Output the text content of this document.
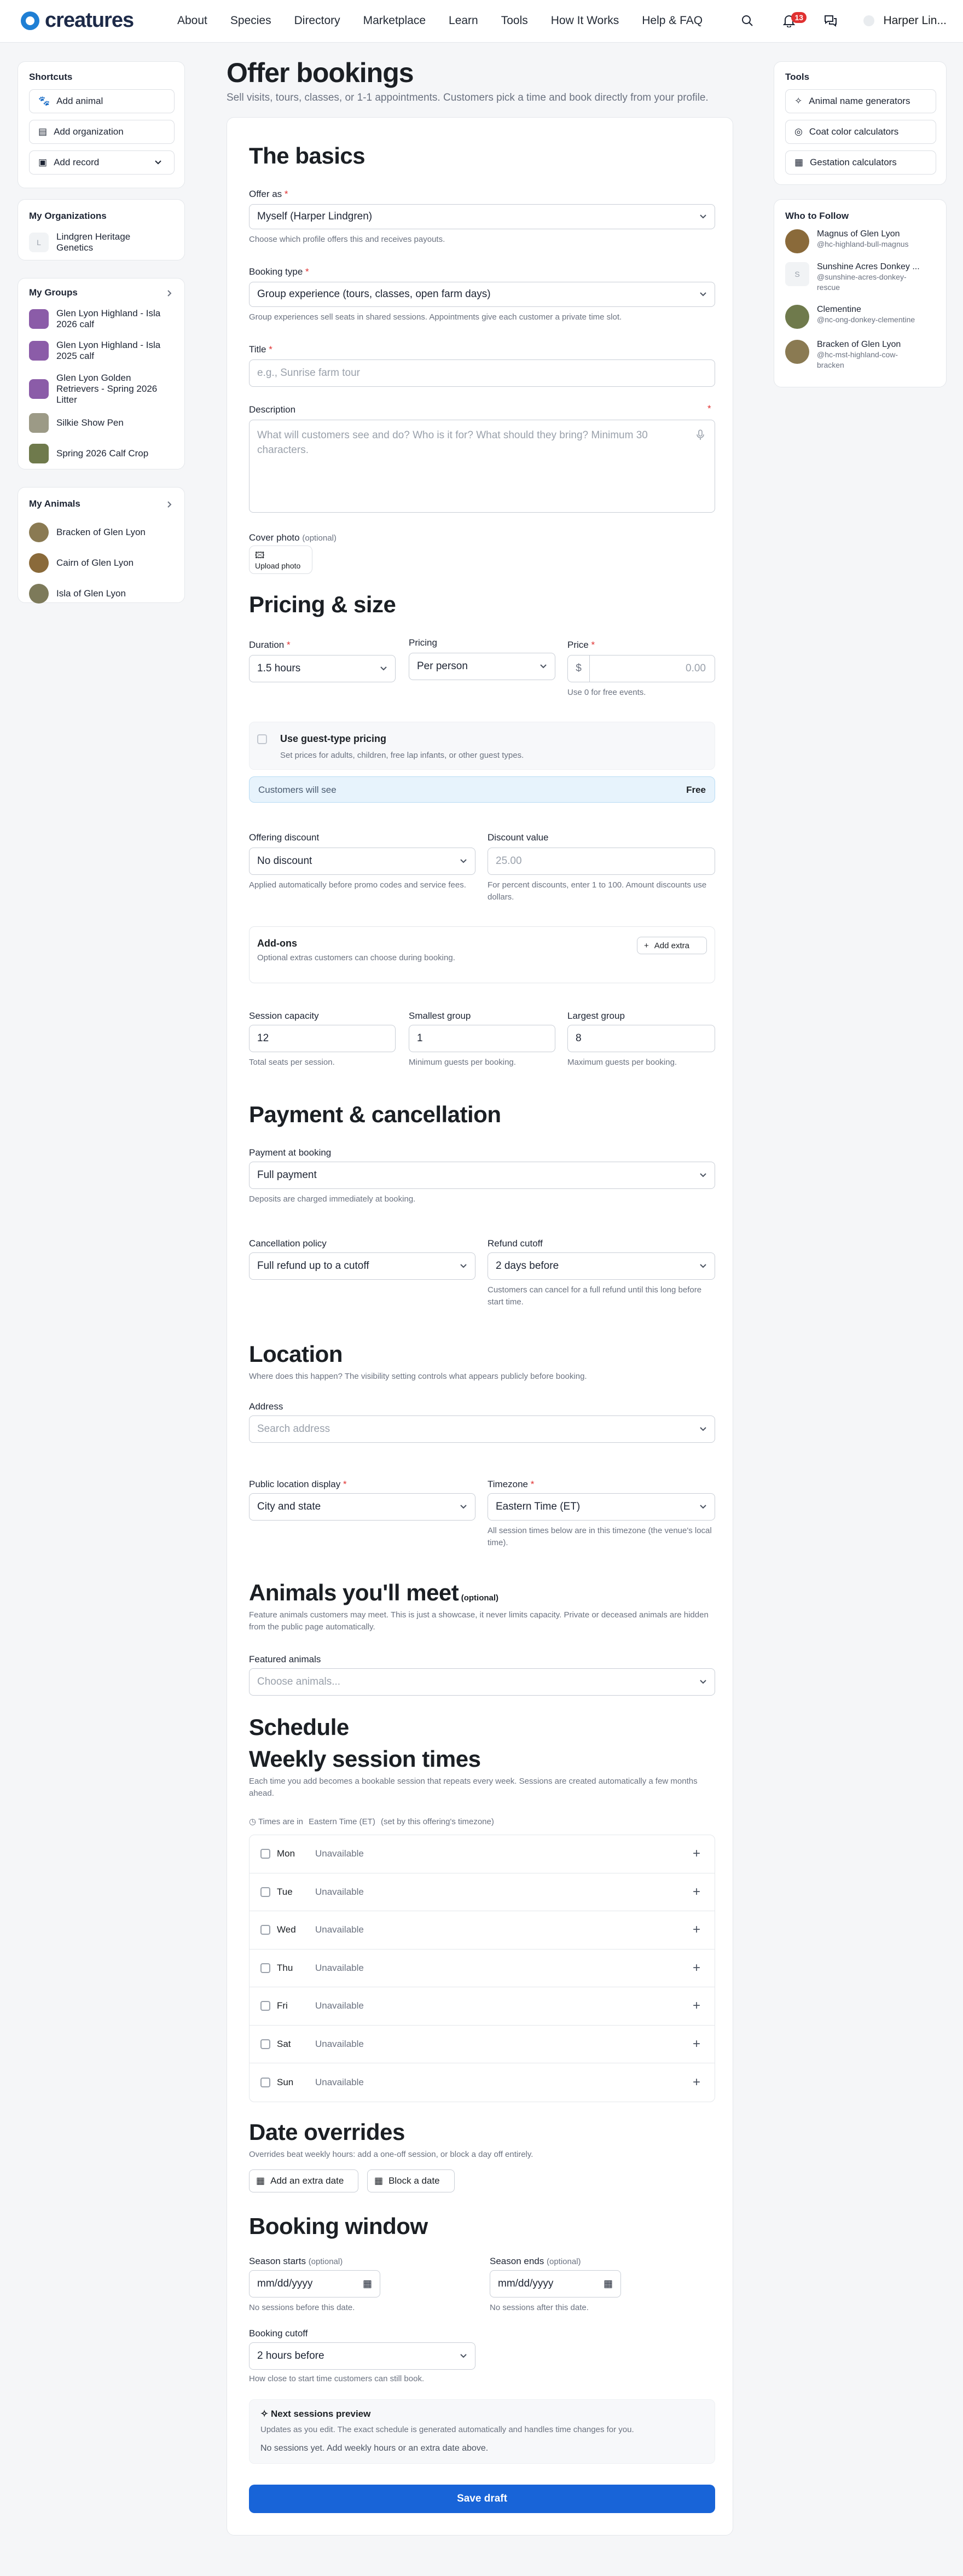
creatures	About Species Directory Marketplace Learn Tools How It Works Help & FAQ	13	Harper Lin...
Shortcuts
🐾 Add animal
▤ Add organization
▣ Add record
My Organizations
L
Lindgren Heritage Genetics
My Groups
Glen Lyon Highland - Isla 2026 calf
Glen Lyon Highland - Isla 2025 calf
Glen Lyon Golden Retrievers - Spring 2026 Litter
Silkie Show Pen
Spring 2026 Calf Crop
My Animals
Bracken of Glen Lyon
Cairn of Glen Lyon
Isla of Glen Lyon
Tools
✧ Animal name generators
◎ Coat color calculators
▦ Gestation calculators
Who to Follow
Magnus of Glen Lyon
@hc-highland-bull-magnus
S
Sunshine Acres Donkey ...
@sunshine-acres-donkey-rescue
Clementine
@nc-ong-donkey-clementine
Bracken of Glen Lyon
@hc-mst-highland-cow-bracken
Offer bookings
Sell visits, tours, classes, or 1-1 appointments. Customers pick a time and book directly from your profile.
The basics
Offer as *
Myself (Harper Lindgren)
Choose which profile offers this and receives payouts.
Booking type *
Group experience (tours, classes, open farm days)
Group experiences sell seats in shared sessions. Appointments give each customer a private time slot.
Title *
e.g., Sunrise farm tour
Description	*
What will customers see and do? Who is it for? What should they bring? Minimum 30 characters.
Cover photo (optional)
🖾
Upload photo
Pricing & size
Duration *
1.5 hours
Pricing
Per person
Price *
$	0.00
Use 0 for free events.
Use guest-type pricing
Set prices for adults, children, free lap infants, or other guest types.
Customers will see	Free
Offering discount
No discount
Applied automatically before promo codes and service fees.
Discount value
25.00
For percent discounts, enter 1 to 100. Amount discounts use dollars.
Add-ons
Optional extras customers can choose during booking.
+ Add extra
Session capacity
12
Total seats per session.
Smallest group
1
Minimum guests per booking.
Largest group
8
Maximum guests per booking.
Payment & cancellation
Payment at booking
Full payment
Deposits are charged immediately at booking.
Cancellation policy
Full refund up to a cutoff
Refund cutoff
2 days before
Customers can cancel for a full refund until this long before start time.
Location
Where does this happen? The visibility setting controls what appears publicly before booking.
Address
Search address
Public location display *
City and state
Timezone *
Eastern Time (ET)
All session times below are in this timezone (the venue's local time).
Animals you'll meet (optional)
Feature animals customers may meet. This is just a showcase, it never limits capacity. Private or deceased animals are hidden from the public page automatically.
Featured animals
Choose animals...
Schedule
Weekly session times
Each time you add becomes a bookable session that repeats every week. Sessions are created automatically a few months ahead.
◷ Times are in Eastern Time (ET) (set by this offering's timezone)
Mon	Unavailable	+
Tue	Unavailable	+
Wed	Unavailable	+
Thu	Unavailable	+
Fri	Unavailable	+
Sat	Unavailable	+
Sun	Unavailable	+
Date overrides
Overrides beat weekly hours: add a one-off session, or block a day off entirely.
▦ Add an extra date	▦ Block a date
Booking window
Season starts (optional)
mm/dd/yyyy	▦
No sessions before this date.
Season ends (optional)
mm/dd/yyyy	▦
No sessions after this date.
Booking cutoff
2 hours before
How close to start time customers can still book.
✧ Next sessions preview
Updates as you edit. The exact schedule is generated automatically and handles time changes for you.
No sessions yet. Add weekly hours or an extra date above.
Save draft
